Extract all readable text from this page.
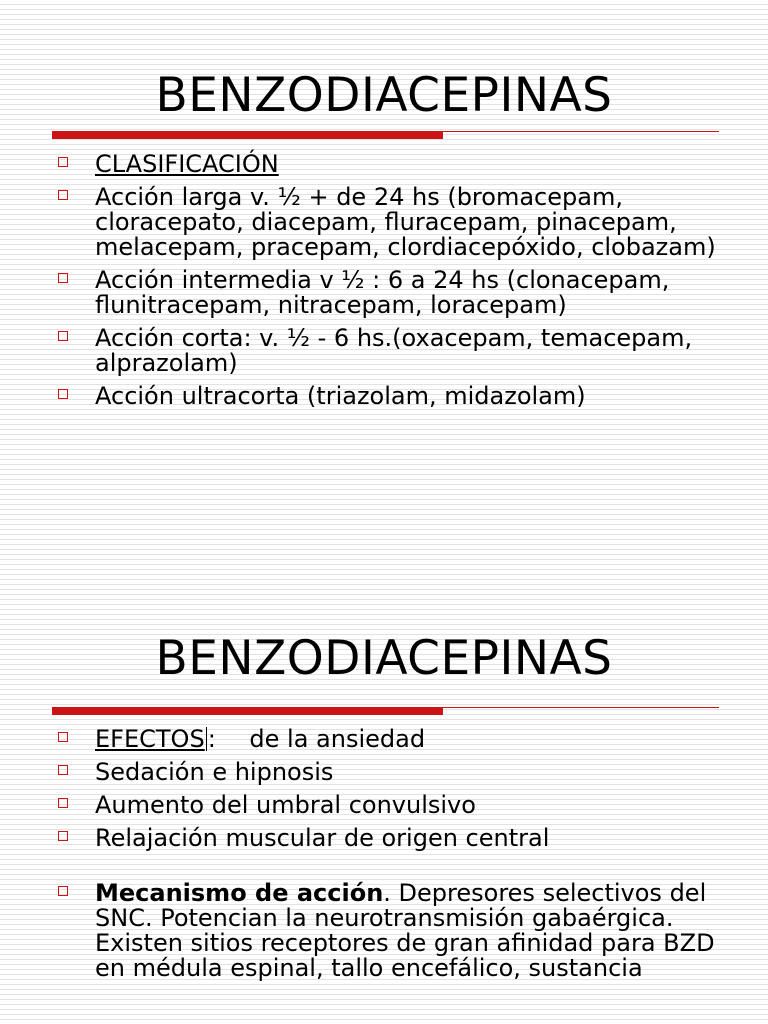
BENZODIACEPINAS
CLASIFICACIÓN
Acción larga v. ½ + de 24 hs (bromacepam, cloracepato, diacepam, fluracepam, pinacepam, melacepam, pracepam, clordiacepóxido, clobazam)
Acción intermedia v ½ : 6 a 24 hs (clonacepam, flunitracepam, nitracepam, loracepam)
Acción corta: v. ½ - 6 hs.(oxacepam, temacepam, alprazolam)
Acción ultracorta (triazolam, midazolam)
BENZODIACEPINAS
EFECTOS : de la ansiedad
Sedación e hipnosis
Aumento del umbral convulsivo
Relajación muscular de origen central
Mecanismo de acción. Depresores selectivos del SNC. Potencian la neurotransmisión gabaérgica. Existen sitios receptores de gran afinidad para BZD en médula espinal, tallo encefálico, sustancia
